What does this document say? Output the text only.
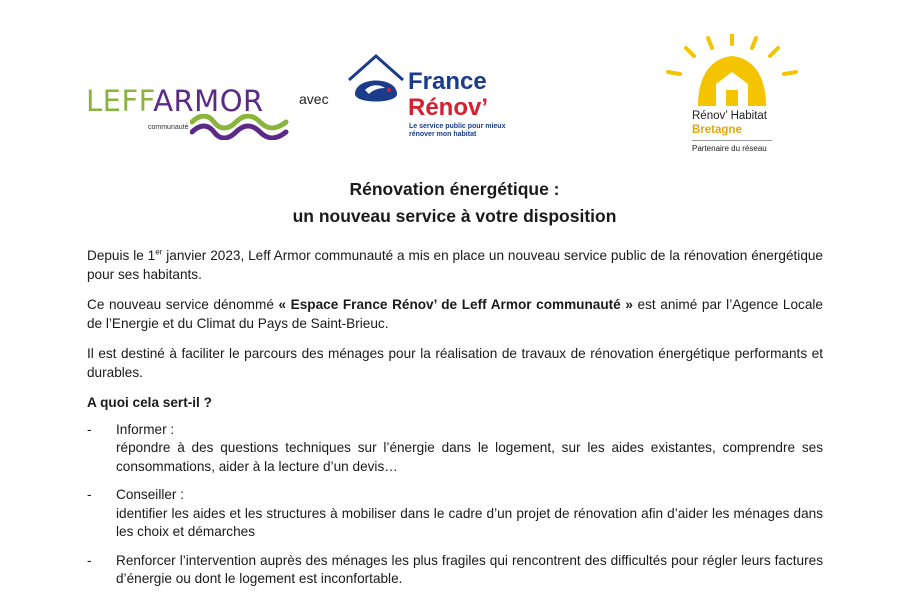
LEFFARMOR
communauté
avec
France
Rénov’
Le service public pour mieux rénover mon habitat
Rénov’ Habitat
Bretagne
Partenaire du réseau
Rénovation énergétique :
un nouveau service à votre disposition

Depuis le 1er janvier 2023, Leff Armor communauté a mis en place un nouveau service public de la rénovation énergétique pour ses habitants.

Ce nouveau service dénommé « Espace France Rénov’ de Leff Armor communauté » est animé par l’Agence Locale de l’Energie et du Climat du Pays de Saint-Brieuc.

Il est destiné à faciliter le parcours des ménages pour la réalisation de travaux de rénovation énergétique performants et durables.

A quoi cela sert-il ?
- Informer :
répondre à des questions techniques sur l’énergie dans le logement, sur les aides existantes, comprendre ses consommations, aider à la lecture d’un devis…
- Conseiller :
identifier les aides et les structures à mobiliser dans le cadre d’un projet de rénovation afin d’aider les ménages dans les choix et démarches
- Renforcer l’intervention auprès des ménages les plus fragiles qui rencontrent des difficultés pour régler leurs factures d’énergie ou dont le logement est inconfortable.
